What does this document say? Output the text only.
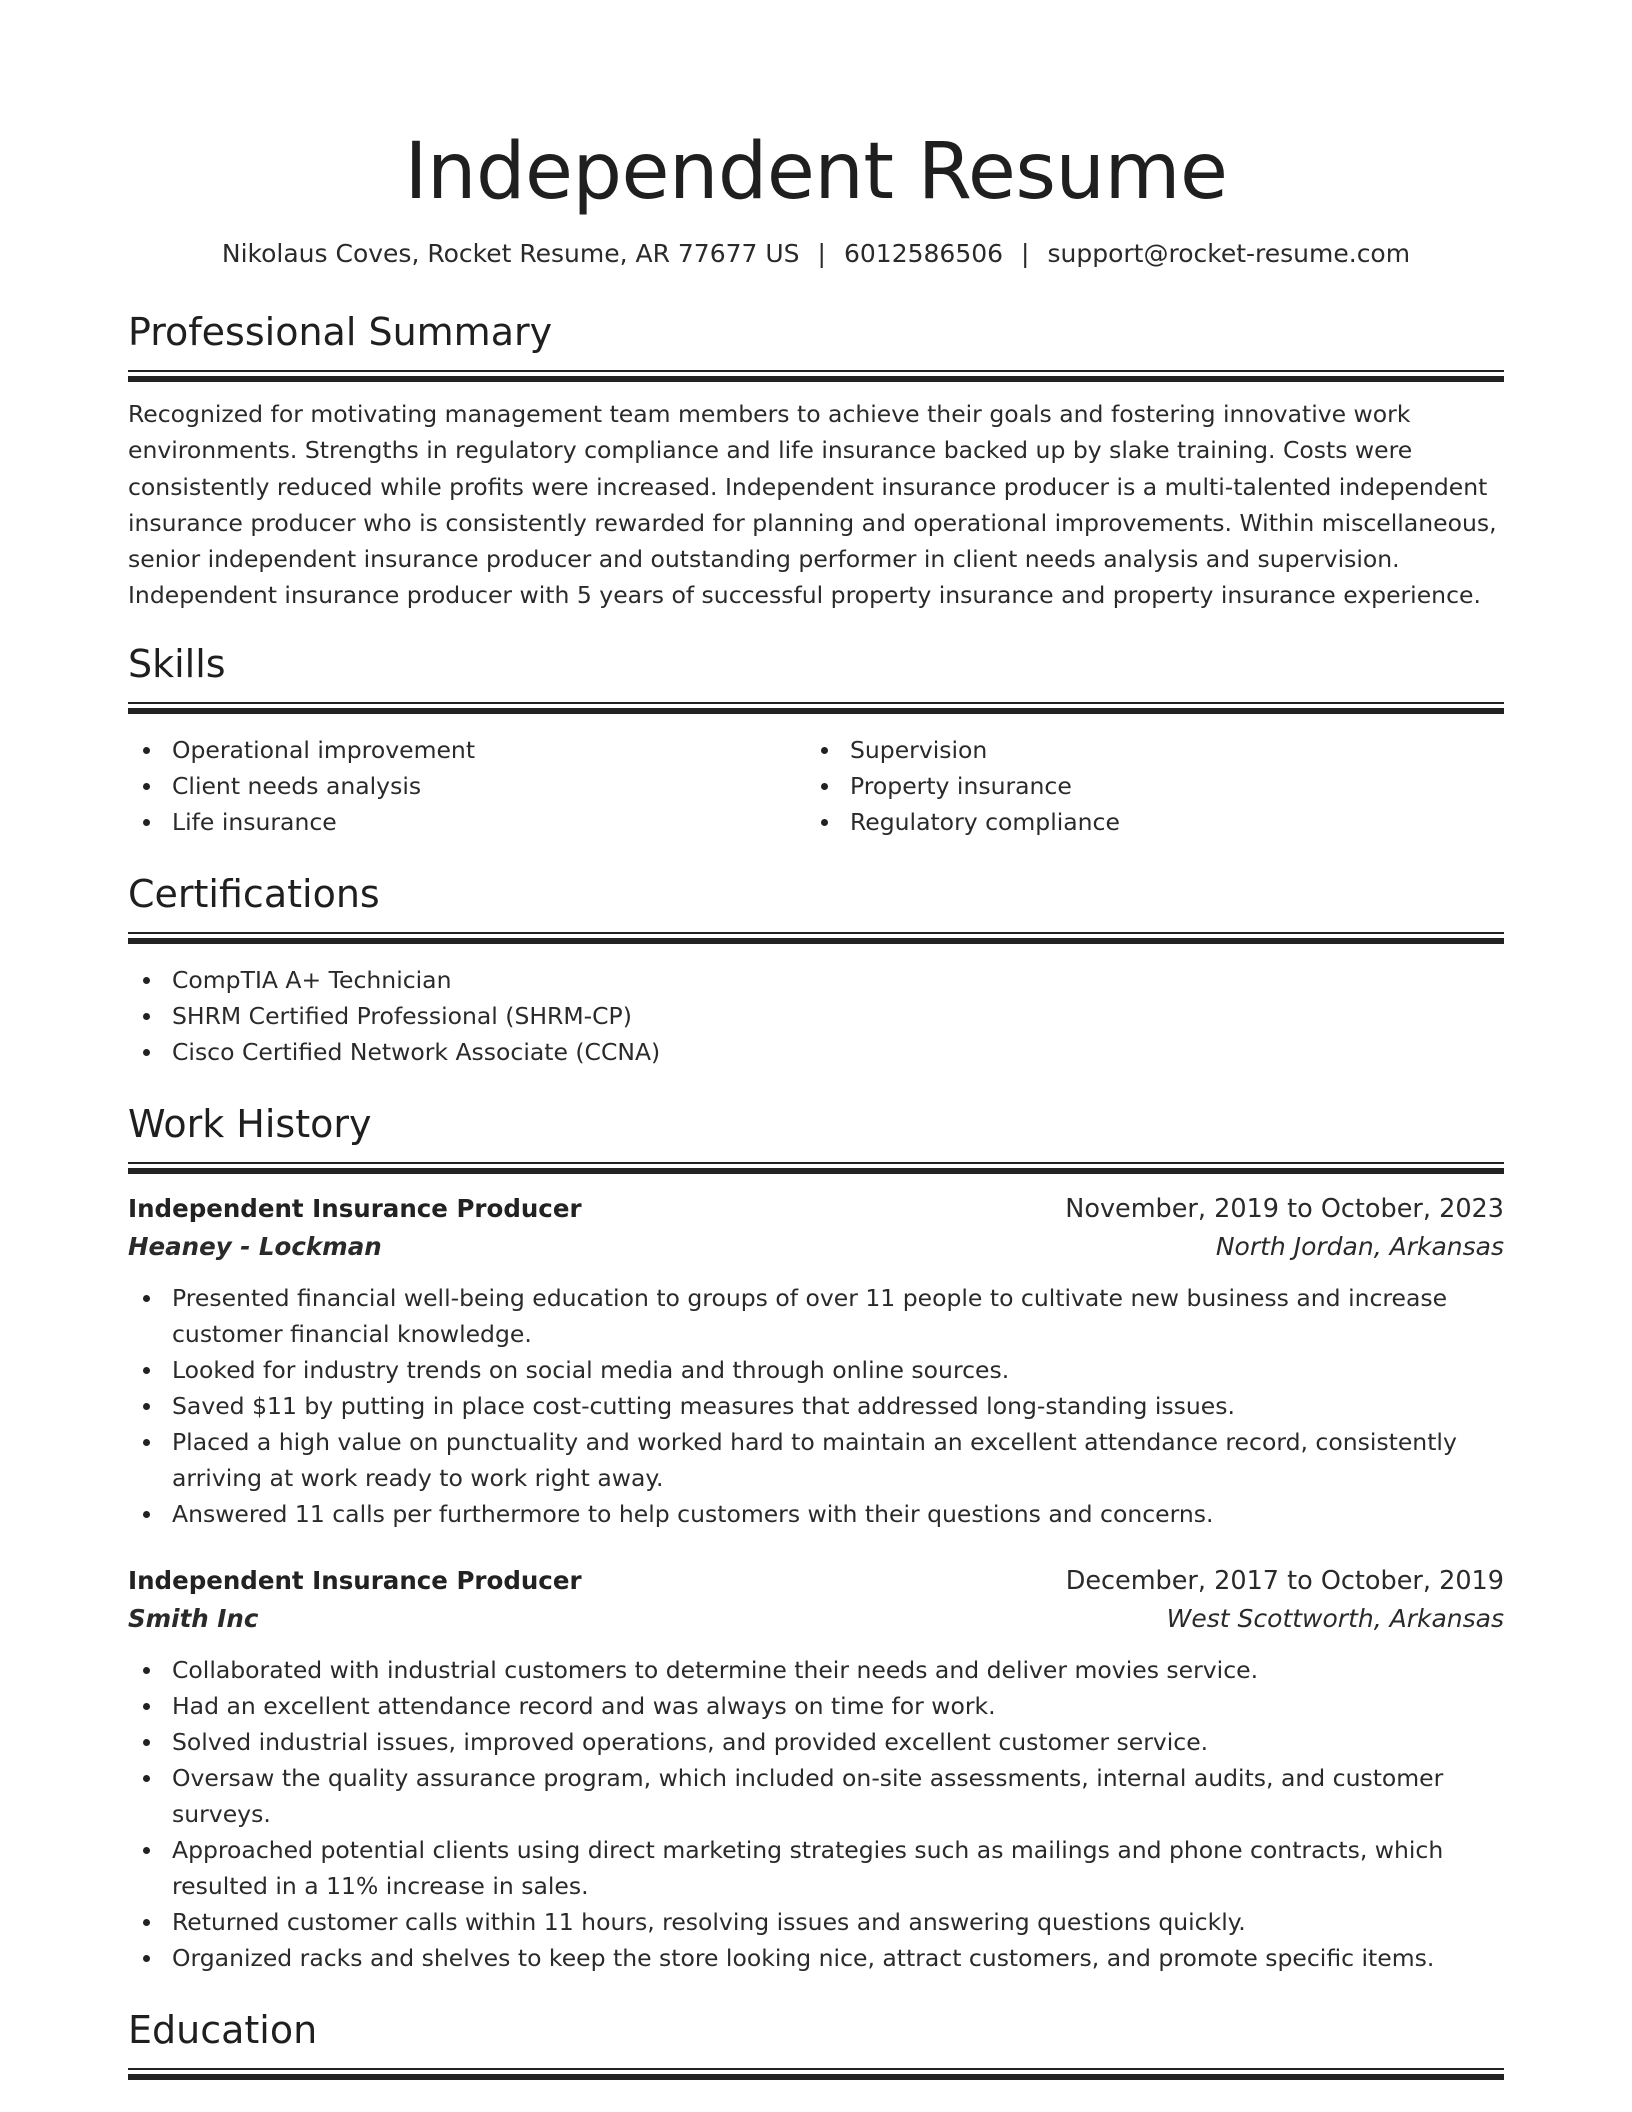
Independent Resume
Nikolaus Coves, Rocket Resume, AR 77677 US | 6012586506 | support@rocket-resume.com
Professional Summary
Recognized for motivating management team members to achieve their goals and fostering innovative work
environments. Strengths in regulatory compliance and life insurance backed up by slake training. Costs were
consistently reduced while profits were increased. Independent insurance producer is a multi-talented independent
insurance producer who is consistently rewarded for planning and operational improvements. Within miscellaneous,
senior independent insurance producer and outstanding performer in client needs analysis and supervision.
Independent insurance producer with 5 years of successful property insurance and property insurance experience.
Skills
Operational improvement
Client needs analysis
Life insurance
Supervision
Property insurance
Regulatory compliance
Certifications
CompTIA A+ Technician
SHRM Certified Professional (SHRM-CP)
Cisco Certified Network Associate (CCNA)
Work History
Independent Insurance Producer	November, 2019 to October, 2023
Heaney - Lockman	North Jordan, Arkansas
Presented financial well-being education to groups of over 11 people to cultivate new business and increase
customer financial knowledge.
Looked for industry trends on social media and through online sources.
Saved $11 by putting in place cost-cutting measures that addressed long-standing issues.
Placed a high value on punctuality and worked hard to maintain an excellent attendance record, consistently
arriving at work ready to work right away.
Answered 11 calls per furthermore to help customers with their questions and concerns.
Independent Insurance Producer	December, 2017 to October, 2019
Smith Inc	West Scottworth, Arkansas
Collaborated with industrial customers to determine their needs and deliver movies service.
Had an excellent attendance record and was always on time for work.
Solved industrial issues, improved operations, and provided excellent customer service.
Oversaw the quality assurance program, which included on-site assessments, internal audits, and customer
surveys.
Approached potential clients using direct marketing strategies such as mailings and phone contracts, which
resulted in a 11% increase in sales.
Returned customer calls within 11 hours, resolving issues and answering questions quickly.
Organized racks and shelves to keep the store looking nice, attract customers, and promote specific items.
Education
